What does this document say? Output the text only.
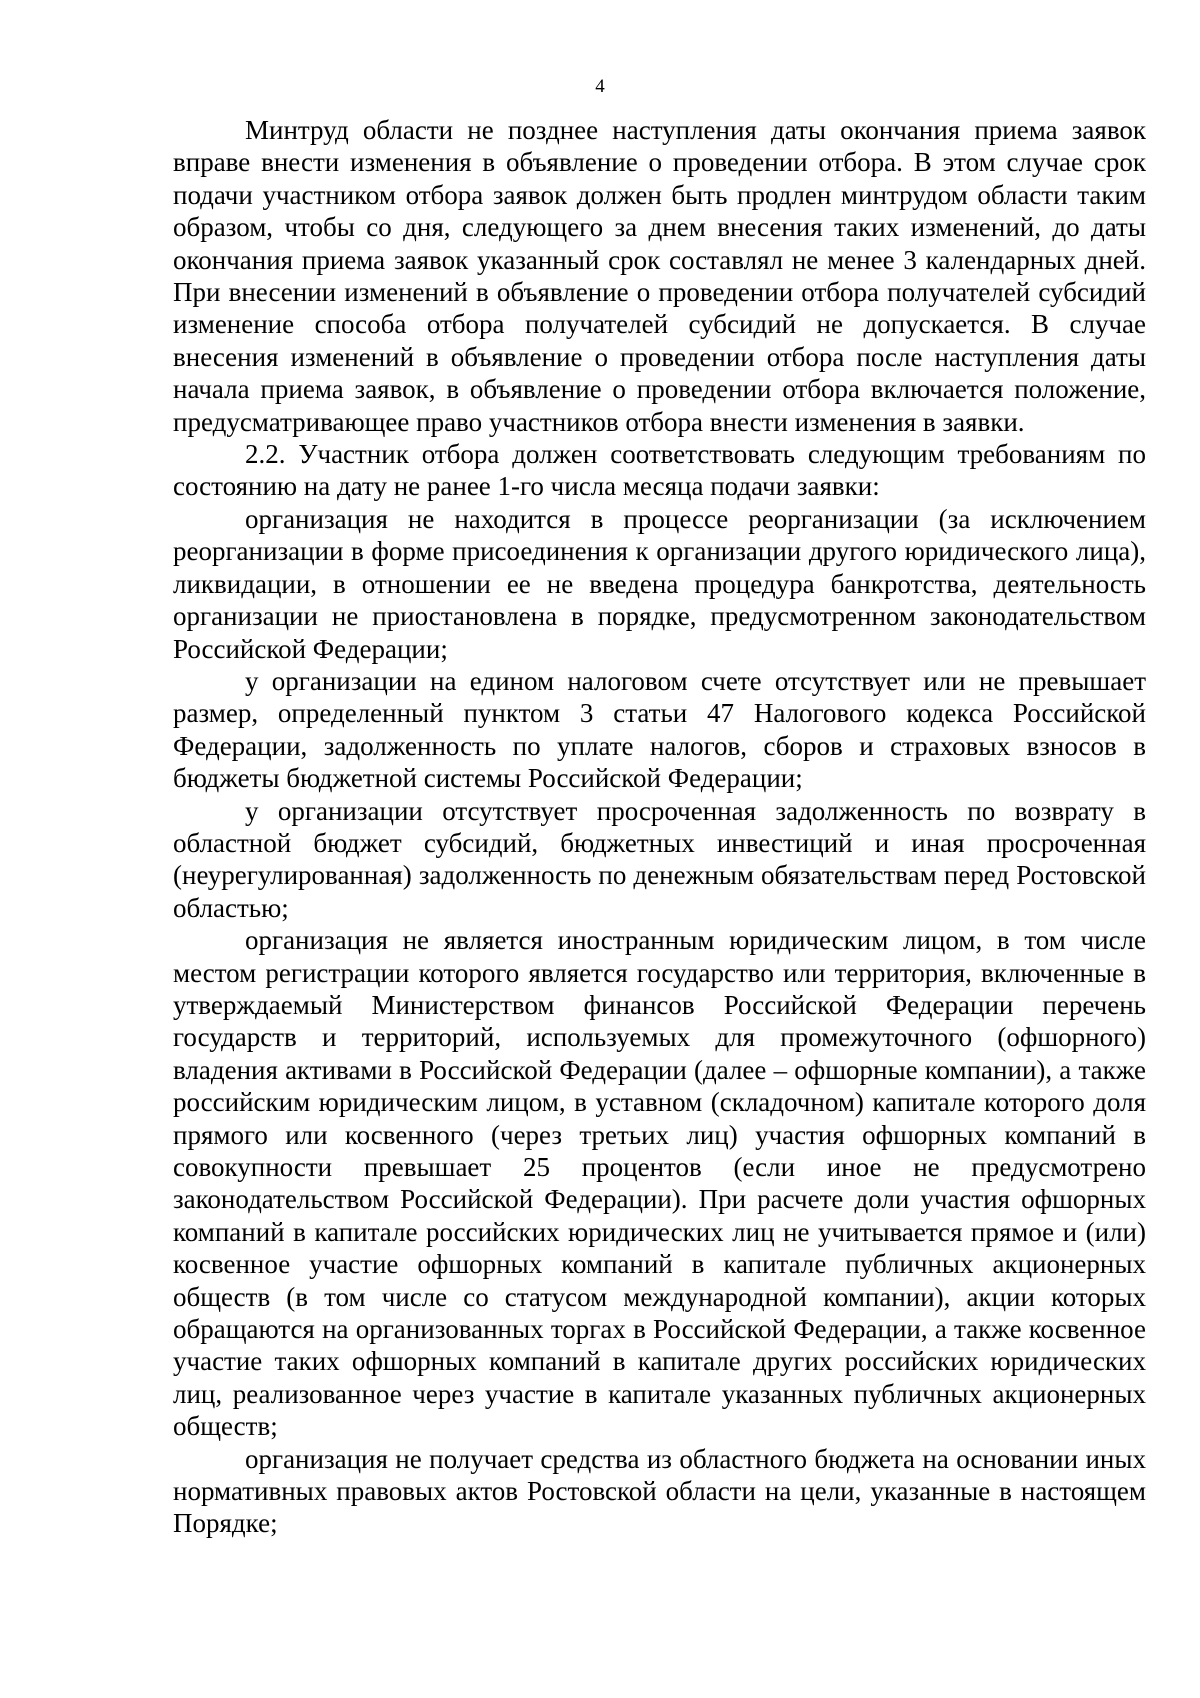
4

Минтруд области не позднее наступления даты окончания приема заявок вправе внести изменения в объявление о проведении отбора. В этом случае срок подачи участником отбора заявок должен быть продлен минтрудом области таким образом, чтобы со дня, следующего за днем внесения таких изменений, до даты окончания приема заявок указанный срок составлял не менее 3 календарных дней. При внесении изменений в объявление о проведении отбора получателей субсидий изменение способа отбора получателей субсидий не допускается. В случае внесения изменений в объявление о проведении отбора после наступления даты начала приема заявок, в объявление о проведении отбора включается положение, предусматривающее право участников отбора внести изменения в заявки.

2.2. Участник отбора должен соответствовать следующим требованиям по состоянию на дату не ранее 1-го числа месяца подачи заявки:

организация не находится в процессе реорганизации (за исключением реорганизации в форме присоединения к организации другого юридического лица), ликвидации, в отношении ее не введена процедура банкротства, деятельность организации не приостановлена в порядке, предусмотренном законодательством Российской Федерации;

у организации на едином налоговом счете отсутствует или не превышает размер, определенный пунктом 3 статьи 47 Налогового кодекса Российской Федерации, задолженность по уплате налогов, сборов и страховых взносов в бюджеты бюджетной системы Российской Федерации;

у организации отсутствует просроченная задолженность по возврату в областной бюджет субсидий, бюджетных инвестиций и иная просроченная (неурегулированная) задолженность по денежным обязательствам перед Ростовской областью;

организация не является иностранным юридическим лицом, в том числе местом регистрации которого является государство или территория, включенные в утверждаемый Министерством финансов Российской Федерации перечень государств и территорий, используемых для промежуточного (офшорного) владения активами в Российской Федерации (далее – офшорные компании), а также российским юридическим лицом, в уставном (складочном) капитале которого доля прямого или косвенного (через третьих лиц) участия офшорных компаний в совокупности превышает 25 процентов (если иное не предусмотрено законодательством Российской Федерации). При расчете доли участия офшорных компаний в капитале российских юридических лиц не учитывается прямое и (или) косвенное участие офшорных компаний в капитале публичных акционерных обществ (в том числе со статусом международной компании), акции которых обращаются на организованных торгах в Российской Федерации, а также косвенное участие таких офшорных компаний в капитале других российских юридических лиц, реализованное через участие в капитале указанных публичных акционерных обществ;

организация не получает средства из областного бюджета на основании иных нормативных правовых актов Ростовской области на цели, указанные в настоящем Порядке;
